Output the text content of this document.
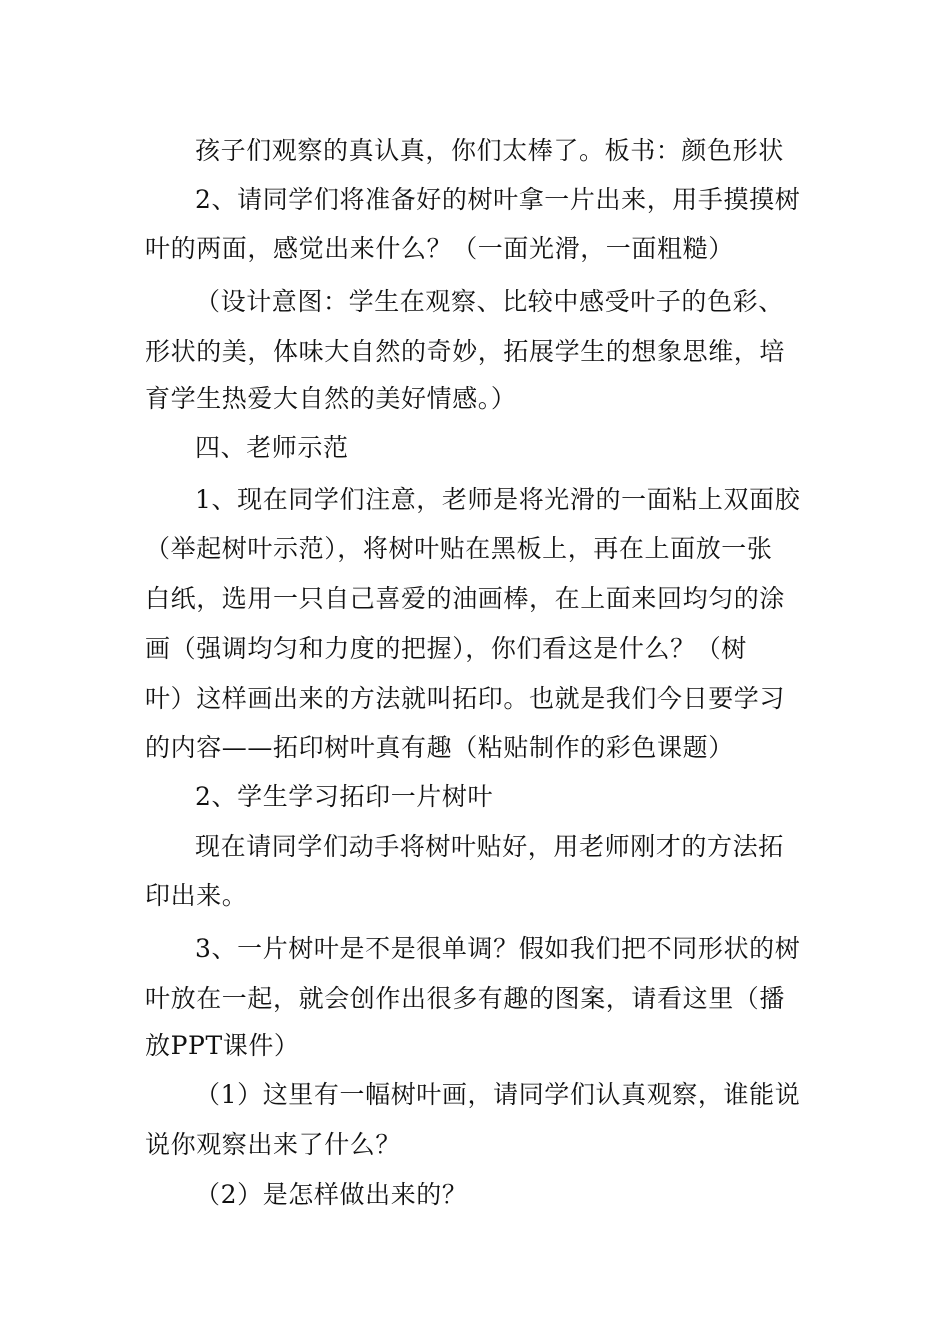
孩子们观察的真认真，你们太棒了。板书：颜色形状
2、请同学们将准备好的树叶拿一片出来，用手摸摸树
叶的两面，感觉出来什么？（一面光滑，一面粗糙）
（设计意图：学生在观察、比较中感受叶子的色彩、
形状的美，体味大自然的奇妙，拓展学生的想象思维，培
育学生热爱大自然的美好情感。）
四、老师示范
1、现在同学们注意，老师是将光滑的一面粘上双面胶
（举起树叶示范），将树叶贴在黑板上，再在上面放一张
白纸，选用一只自己喜爱的油画棒，在上面来回均匀的涂
画（强调均匀和力度的把握），你们看这是什么？（树
叶）这样画出来的方法就叫拓印。也就是我们今日要学习
的内容——拓印树叶真有趣（粘贴制作的彩色课题）
2、学生学习拓印一片树叶
现在请同学们动手将树叶贴好，用老师刚才的方法拓
印出来。
3、一片树叶是不是很单调？假如我们把不同形状的树
叶放在一起，就会创作出很多有趣的图案，请看这里（播
放PPT课件）
（1）这里有一幅树叶画，请同学们认真观察，谁能说
说你观察出来了什么？
（2）是怎样做出来的？
